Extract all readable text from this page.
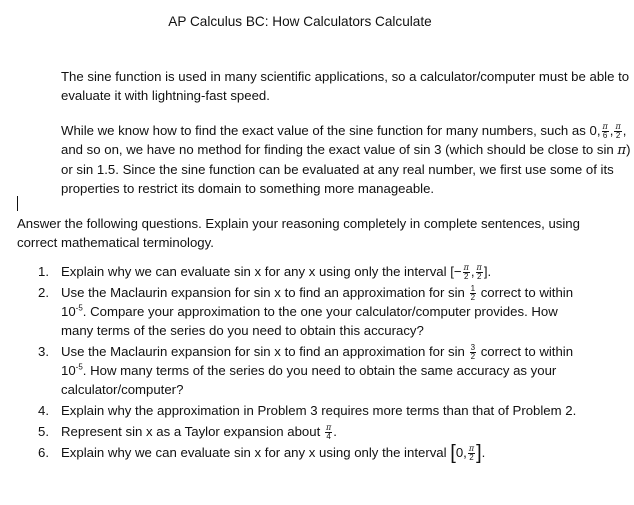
AP Calculus BC: How Calculators Calculate
The sine function is used in many scientific applications, so a calculator/computer must be able to evaluate it with lightning-fast speed.
While we know how to find the exact value of the sine function for many numbers, such as 0, $\frac{\pi}{6}$ , $\frac{\pi}{2}$ , and so on, we have no method for finding the exact value of sin 3 (which should be close to sin π) or sin 1.5. Since the sine function can be evaluated at any real number, we first use some of its properties to restrict its domain to something more manageable.
Answer the following questions. Explain your reasoning completely in complete sentences, using correct mathematical terminology.
1. Explain why we can evaluate sin x for any x using only the interval [− $\frac{\pi}{2}$ , $\frac{\pi}{2}$ ].
2. Use the Maclaurin expansion for sin x to find an approximation for $\sin \frac{1}{2}$ correct to within $10^{-5}$. Compare your approximation to the one your calculator/computer provides. How many terms of the series do you need to obtain this accuracy?
3. Use the Maclaurin expansion for sin x to find an approximation for $\sin \frac{3}{2}$ correct to within $10^{-5}$. How many terms of the series do you need to obtain the same accuracy as your calculator/computer?
4. Explain why the approximation in Problem 3 requires more terms than that of Problem 2.
5. Represent sin x as a Taylor expansion about $\frac{\pi}{4}$ .
6. Explain why we can evaluate sin x for any x using only the interval [0, $\frac{\pi}{2}$ ].
